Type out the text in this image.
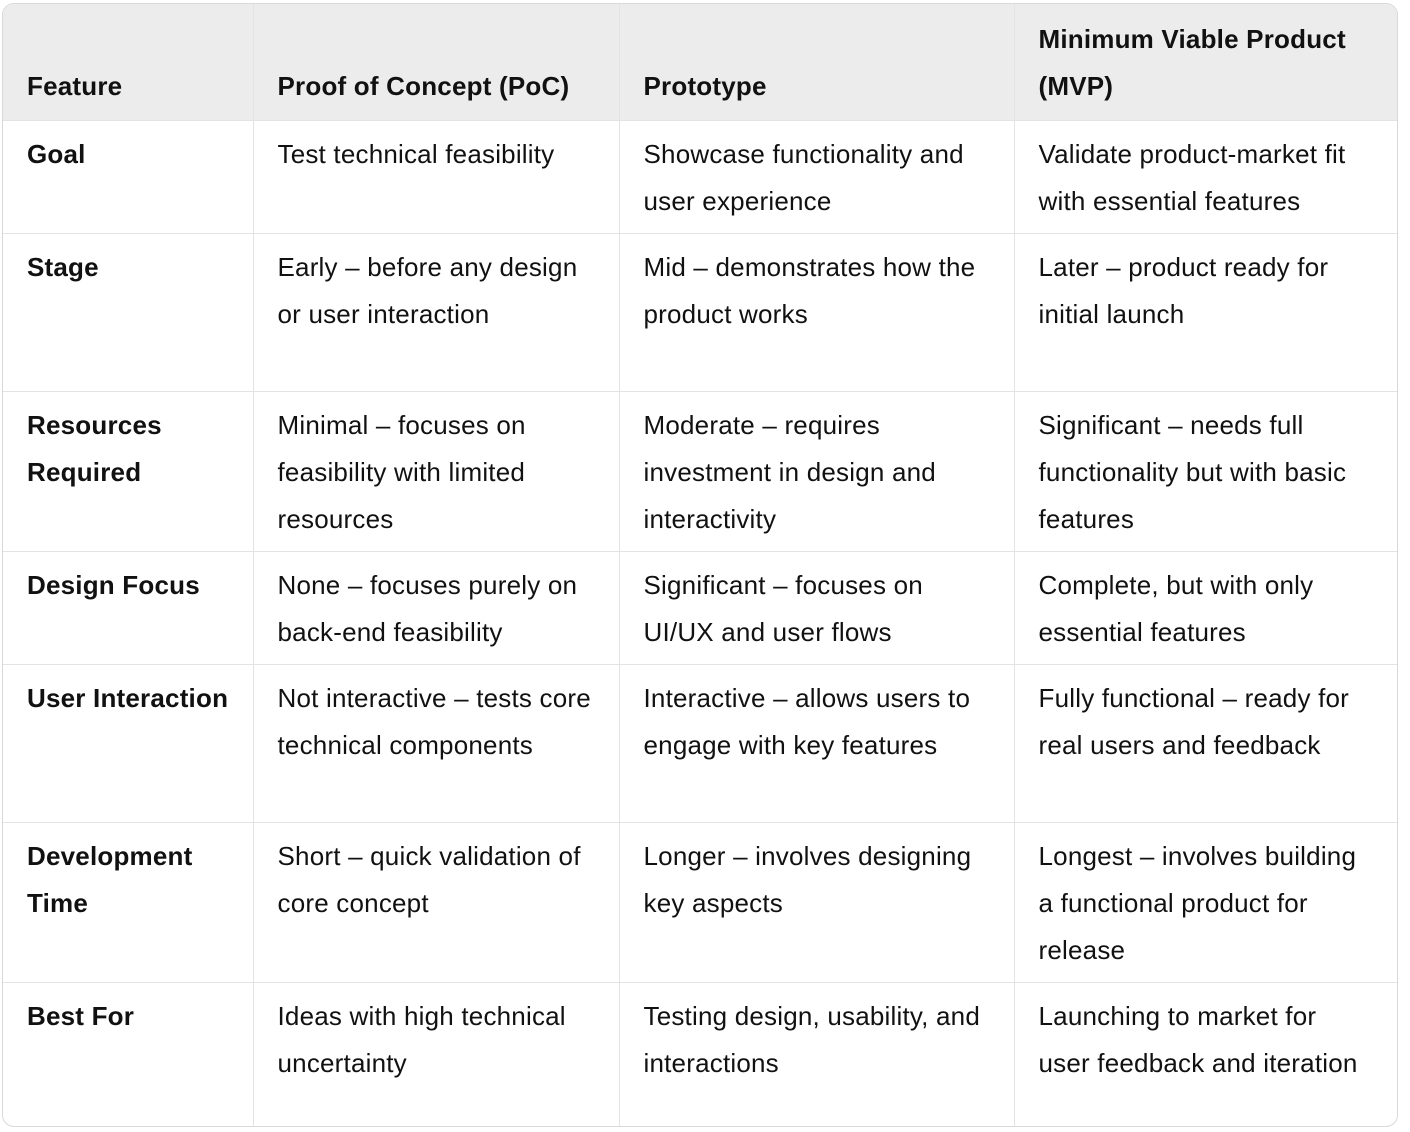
Feature	Proof of Concept (PoC)	Prototype	Minimum Viable Product (MVP)
Goal	Test technical feasibility	Showcase functionality and user experience	Validate product-market fit with essential features
Stage	Early – before any design or user interaction	Mid – demonstrates how the product works	Later – product ready for initial launch
Resources Required	Minimal – focuses on feasibility with limited resources	Moderate – requires investment in design and interactivity	Significant – needs full functionality but with basic features
Design Focus	None – focuses purely on back-end feasibility	Significant – focuses on UI/UX and user flows	Complete, but with only essential features
User Interaction	Not interactive – tests core technical components	Interactive – allows users to engage with key features	Fully functional – ready for real users and feedback
Development Time	Short – quick validation of core concept	Longer – involves designing key aspects	Longest – involves building a functional product for release
Best For	Ideas with high technical uncertainty	Testing design, usability, and interactions	Launching to market for user feedback and iteration
